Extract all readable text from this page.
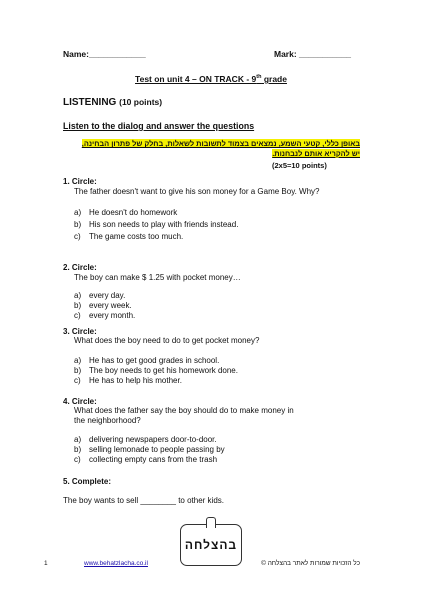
Name:____________	Mark: ___________
Test on unit 4 – ON TRACK - 9th grade
LISTENING (10 points)
Listen to the dialog and answer the questions
באופן כללי, קטעי השמע, נמצאים בצמוד לתשובות לשאלות, בחלק של פתרון הבחינה,
יש להקריא אותם לנבחנות.
(2x5=10 points)
1. Circle:
The father doesn't want to give his son money for a Game Boy. Why?
a) He doesn't do homework
b) His son needs to play with friends instead.
c) The game costs too much.
2. Circle:
The boy can make $ 1.25 with pocket money…
a) every day.
b) every week.
c) every month.
3. Circle:
What does the boy need to do to get pocket money?
a) He has to get good grades in school.
b) The boy needs to get his homework done.
c) He has to help his mother.
4. Circle:
What does the father say the boy should do to make money in
the neighborhood?
a) delivering newspapers door-to-door.
b) selling lemonade to people passing by
c) collecting empty cans from the trash
5. Complete:
The boy wants to sell ________ to other kids.
בהצלחה
1	www.behatzlacha.co.il	כל הזכויות שמורות לאתר בהצלחה ©
